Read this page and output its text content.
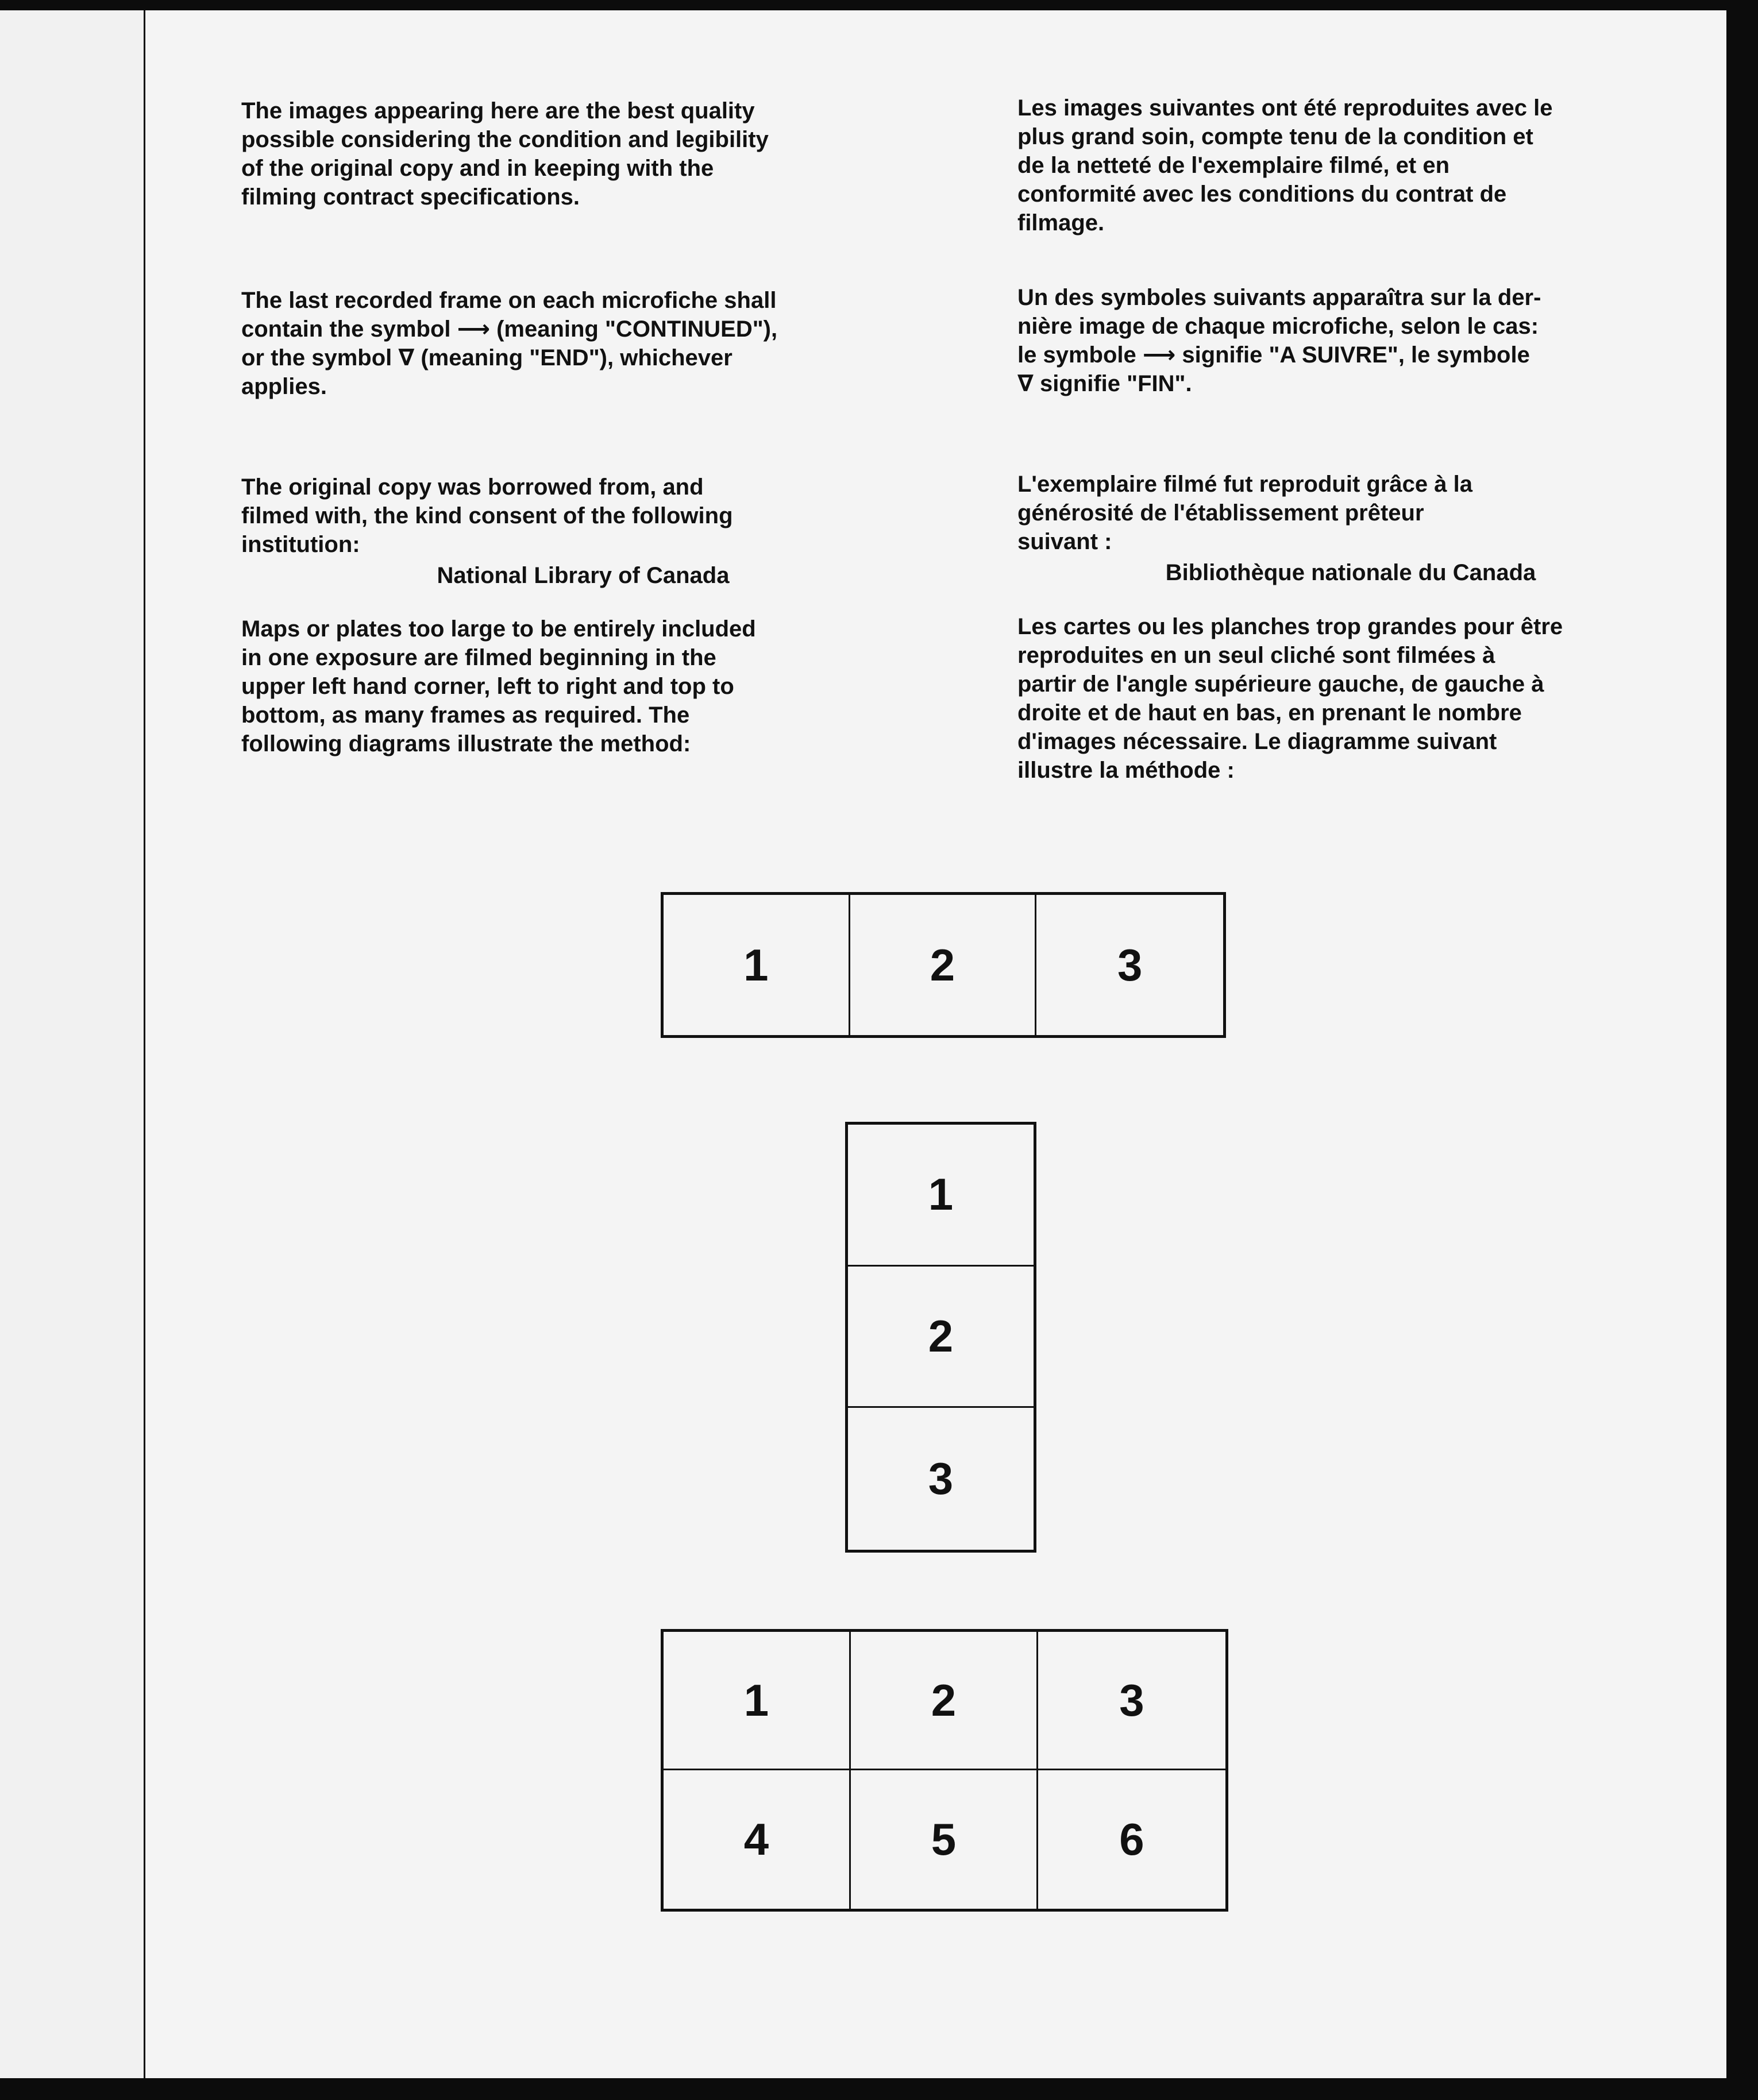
The images appearing here are the best quality
possible considering the condition and legibility
of the original copy and in keeping with the
filming contract specifications.

Les images suivantes ont été reproduites avec le
plus grand soin, compte tenu de la condition et
de la netteté de l'exemplaire filmé, et en
conformité avec les conditions du contrat de
filmage.

The last recorded frame on each microfiche shall
contain the symbol ⟶ (meaning "CONTINUED"),
or the symbol ∇ (meaning "END"), whichever
applies.

Un des symboles suivants apparaîtra sur la der-
nière image de chaque microfiche, selon le cas:
le symbole ⟶ signifie "A SUIVRE", le symbole
∇ signifie "FIN".

The original copy was borrowed from, and
filmed with, the kind consent of the following
institution:

National Library of Canada

L'exemplaire filmé fut reproduit grâce à la
générosité de l'établissement prêteur
suivant :

Bibliothèque nationale du Canada

Maps or plates too large to be entirely included
in one exposure are filmed beginning in the
upper left hand corner, left to right and top to
bottom, as many frames as required. The
following diagrams illustrate the method:

Les cartes ou les planches trop grandes pour être
reproduites en un seul cliché sont filmées à
partir de l'angle supérieure gauche, de gauche à
droite et de haut en bas, en prenant le nombre
d'images nécessaire. Le diagramme suivant
illustre la méthode :

1	2	3
1
2
3
1	2	3
4	5	6
